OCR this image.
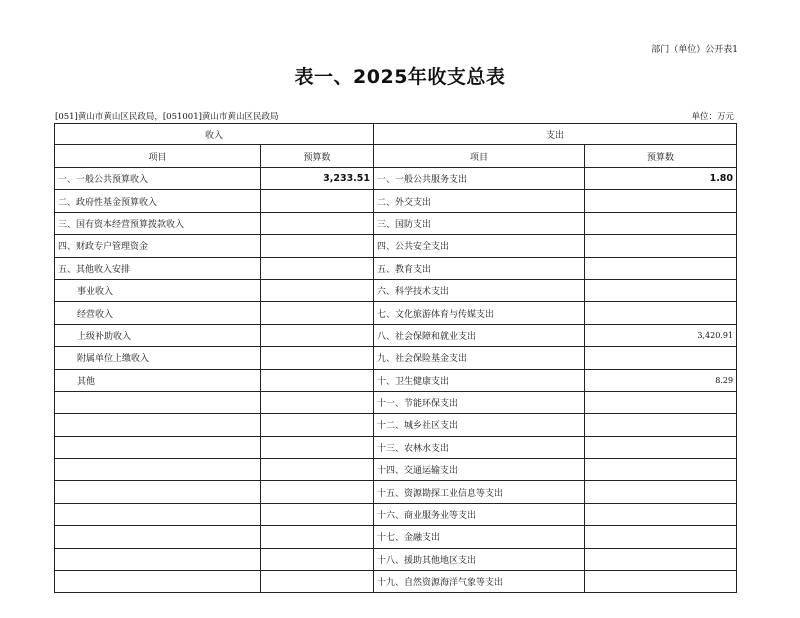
部门（单位）公开表1
表一、2025年收支总表
[051]黄山市黄山区民政局，[051001]黄山市黄山区民政局	单位：万元
收入		支出	
项目	预算数	项目	预算数
一、一般公共预算收入	3,233.51	一、一般公共服务支出	1.80
二、政府性基金预算收入		二、外交支出	
三、国有资本经营预算拨款收入		三、国防支出	
四、财政专户管理资金		四、公共安全支出	
五、其他收入安排		五、教育支出	
事业收入		六、科学技术支出	
经营收入		七、文化旅游体育与传媒支出	
上级补助收入		八、社会保障和就业支出	3,420.91
附属单位上缴收入		九、社会保险基金支出	
其他		十、卫生健康支出	8.29
		十一、节能环保支出	
		十二、城乡社区支出	
		十三、农林水支出	
		十四、交通运输支出	
		十五、资源勘探工业信息等支出	
		十六、商业服务业等支出	
		十七、金融支出	
		十八、援助其他地区支出	
		十九、自然资源海洋气象等支出	
